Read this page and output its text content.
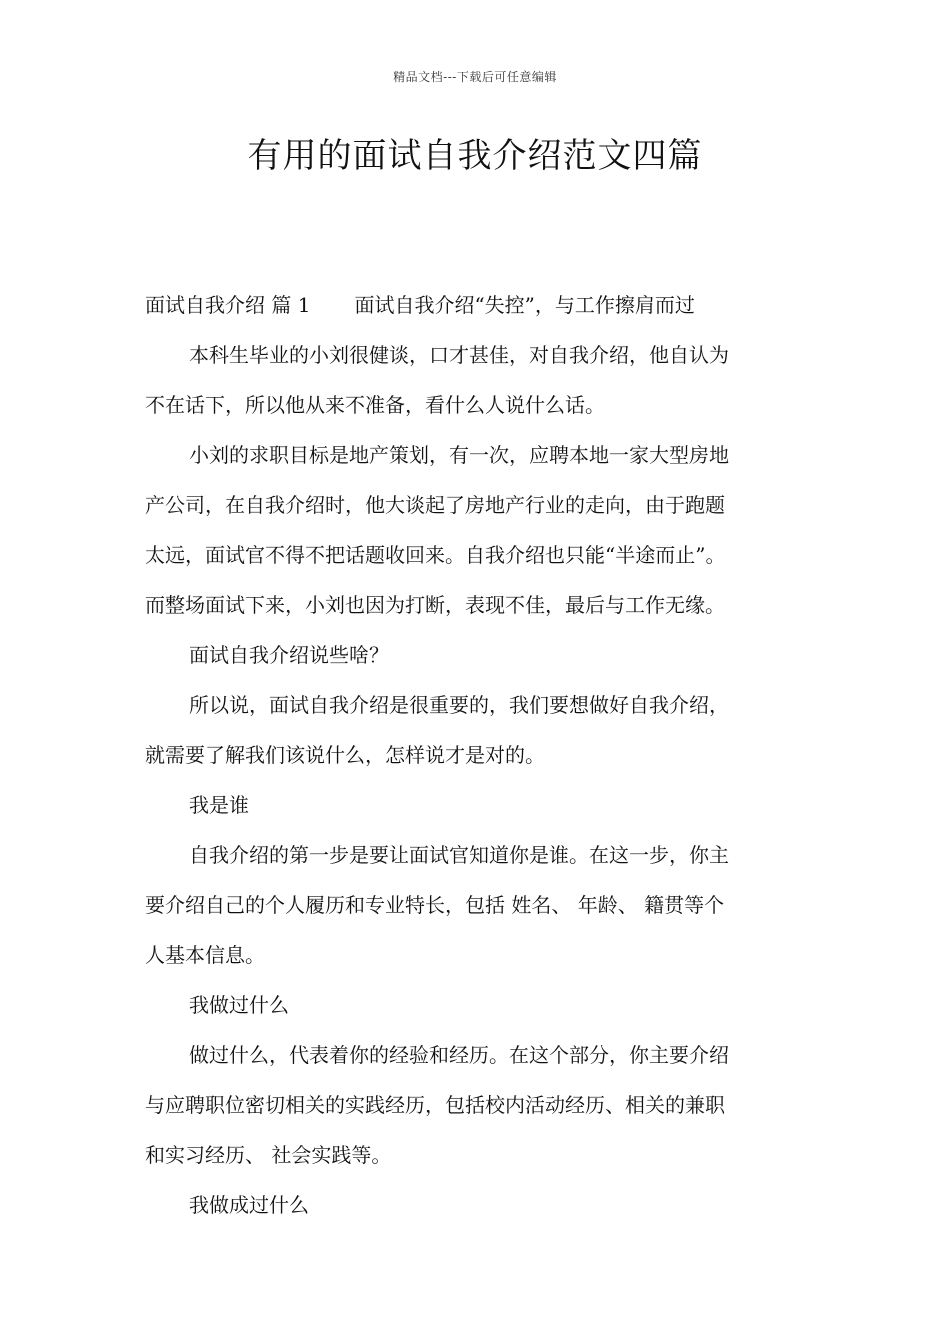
精品文档---下载后可任意编辑
有用的面试自我介绍范文四篇
面试自我介绍 篇 1 面试自我介绍“失控”，与工作擦肩而过
本科生毕业的小刘很健谈，口才甚佳，对自我介绍，他自认为
不在话下，所以他从来不准备，看什么人说什么话。
小刘的求职目标是地产策划，有一次，应聘本地一家大型房地
产公司，在自我介绍时，他大谈起了房地产行业的走向，由于跑题
太远，面试官不得不把话题收回来。自我介绍也只能“半途而止”。
而整场面试下来，小刘也因为打断，表现不佳，最后与工作无缘。
面试自我介绍说些啥？
所以说，面试自我介绍是很重要的，我们要想做好自我介绍，
就需要了解我们该说什么，怎样说才是对的。
我是谁
自我介绍的第一步是要让面试官知道你是谁。在这一步，你主
要介绍自己的个人履历和专业特长，包括 姓名、 年龄、 籍贯等个
人基本信息。
我做过什么
做过什么，代表着你的经验和经历。在这个部分，你主要介绍
与应聘职位密切相关的实践经历，包括校内活动经历、相关的兼职
和实习经历、 社会实践等。
我做成过什么
